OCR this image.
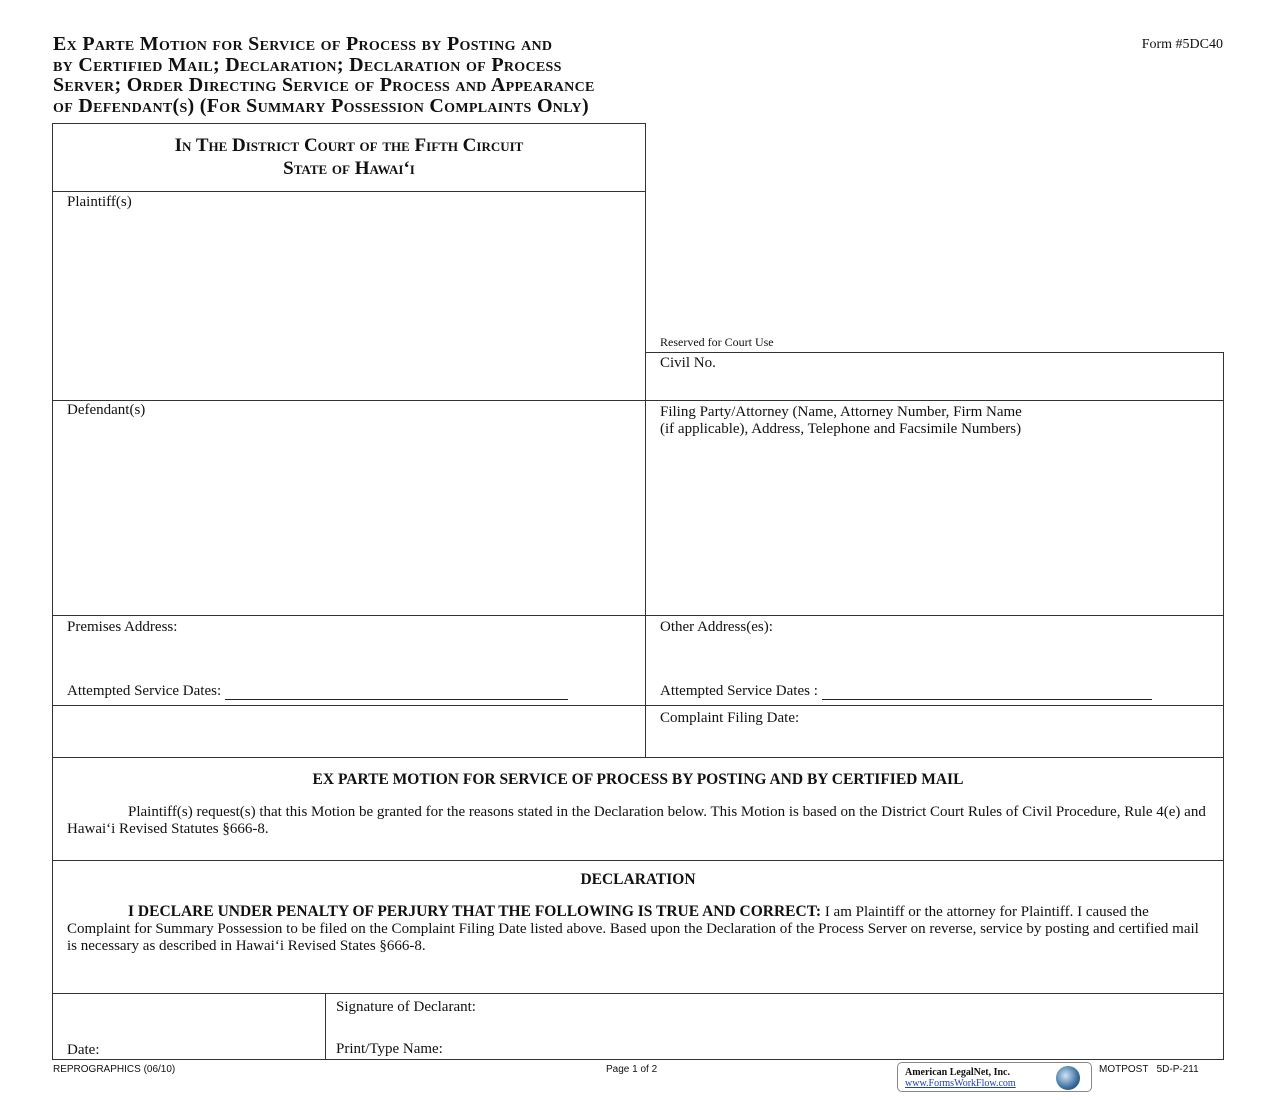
Ex Parte Motion for Service of Process by Posting and
by Certified Mail; Declaration; Declaration of Process
Server; Order Directing Service of Process and Appearance
of Defendant(s) (For Summary Possession Complaints Only)
Form #5DC40
In The District Court of the Fifth Circuit
State of Hawai‘i
Plaintiff(s)
Reserved for Court Use
Civil No.
Defendant(s)	Filing Party/Attorney (Name, Attorney Number, Firm Name
(if applicable), Address, Telephone and Facsimile Numbers)
Premises Address:
Attempted Service Dates:
Other Address(es):
Attempted Service Dates :
Complaint Filing Date:
EX PARTE MOTION FOR SERVICE OF PROCESS BY POSTING AND BY CERTIFIED MAIL
Plaintiff(s) request(s) that this Motion be granted for the reasons stated in the Declaration below. This Motion is based on the District Court Rules of Civil Procedure, Rule 4(e) and Hawai‘i Revised Statutes §666-8.
DECLARATION
I DECLARE UNDER PENALTY OF PERJURY THAT THE FOLLOWING IS TRUE AND CORRECT: I am Plaintiff or the attorney for Plaintiff. I caused the Complaint for Summary Possession to be filed on the Complaint Filing Date listed above. Based upon the Declaration of the Process Server on reverse, service by posting and certified mail is necessary as described in Hawai‘i Revised States §666-8.
Date:
Signature of Declarant:
Print/Type Name:
REPROGRAPHICS (06/10)	Page 1 of 2	American LegalNet, Inc.
www.FormsWorkFlow.com
MOTPOST   5D-P-211
